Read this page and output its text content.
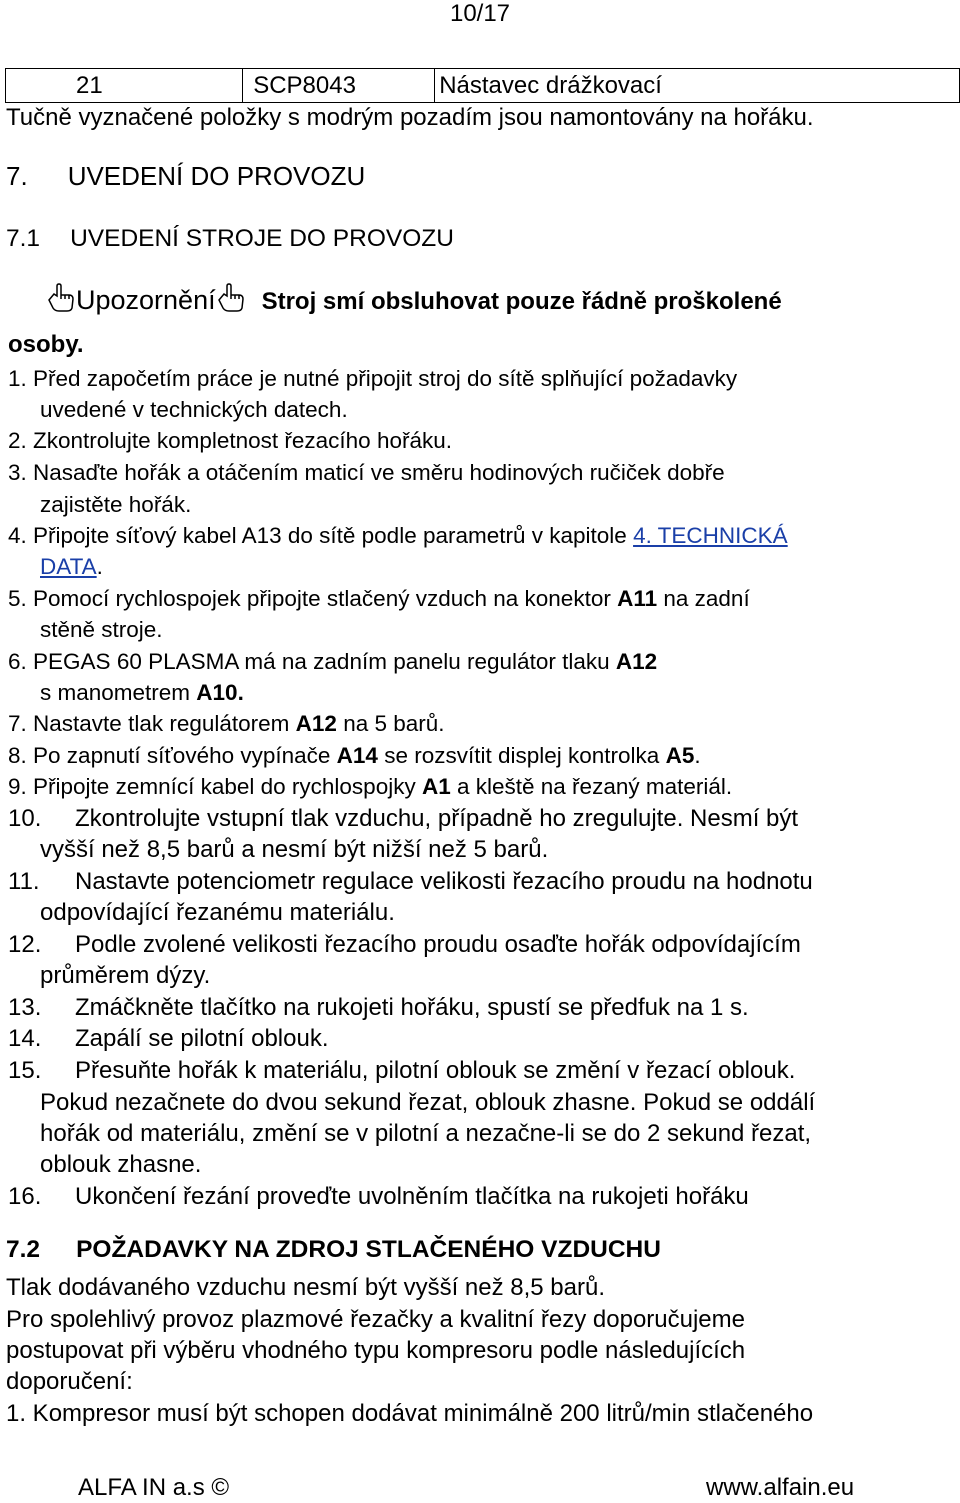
10/17
21	SCP8043	Nástavec drážkovací
Tučně vyznačené položky s modrým pozadím jsou namontovány na hořáku.
7. UVEDENÍ DO PROVOZU
7.1 UVEDENÍ STROJE DO PROVOZU
Upozornění Stroj smí obsluhovat pouze řádně proškolené
osoby.
1. Před započetím práce je nutné připojit stroj do sítě splňující požadavky
uvedené v technických datech.
2. Zkontrolujte kompletnost řezacího hořáku.
3. Nasaďte hořák a otáčením maticí ve směru hodinových ručiček dobře
zajistěte hořák.
4. Připojte síťový kabel A13 do sítě podle parametrů v kapitole 4. TECHNICKÁ
DATA.
5. Pomocí rychlospojek připojte stlačený vzduch na konektor A11 na zadní
stěně stroje.
6. PEGAS 60 PLASMA má na zadním panelu regulátor tlaku A12
s manometrem A10.
7. Nastavte tlak regulátorem A12 na 5 barů.
8. Po zapnutí síťového vypínače A14 se rozsvítit displej kontrolka A5.
9. Připojte zemnící kabel do rychlospojky A1 a kleště na řezaný materiál.
10. Zkontrolujte vstupní tlak vzduchu, případně ho zregulujte. Nesmí být
vyšší než 8,5 barů a nesmí být nižší než 5 barů.
11. Nastavte potenciometr regulace velikosti řezacího proudu na hodnotu
odpovídající řezanému materiálu.
12. Podle zvolené velikosti řezacího proudu osaďte hořák odpovídajícím
průměrem dýzy.
13. Zmáčkněte tlačítko na rukojeti hořáku, spustí se předfuk na 1 s.
14. Zapálí se pilotní oblouk.
15. Přesuňte hořák k materiálu, pilotní oblouk se změní v řezací oblouk.
Pokud nezačnete do dvou sekund řezat, oblouk zhasne. Pokud se oddálí
hořák od materiálu, změní se v pilotní a nezačne-li se do 2 sekund řezat,
oblouk zhasne.
16. Ukončení řezání proveďte uvolněním tlačítka na rukojeti hořáku
7.2 POŽADAVKY NA ZDROJ STLAČENÉHO VZDUCHU
Tlak dodávaného vzduchu nesmí být vyšší než 8,5 barů.
Pro spolehlivý provoz plazmové řezačky a kvalitní řezy doporučujeme
postupovat při výběru vhodného typu kompresoru podle následujících
doporučení:
1. Kompresor musí být schopen dodávat minimálně 200 litrů/min stlačeného
ALFA IN a.s ©	www.alfain.eu
